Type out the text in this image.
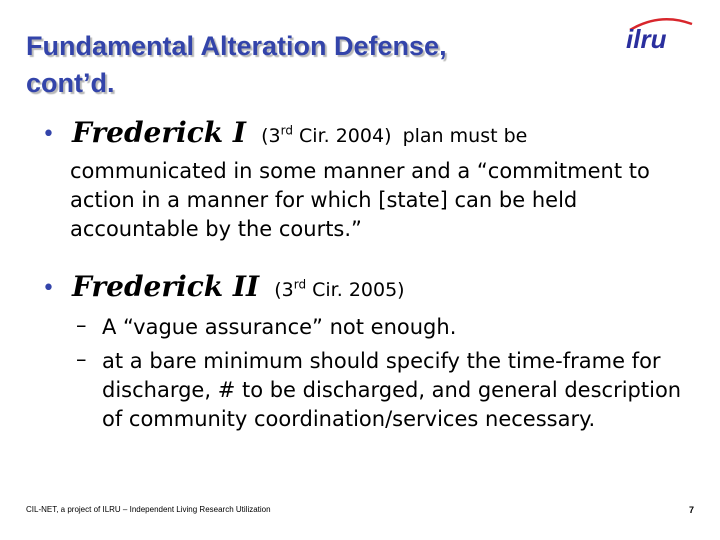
Fundamental Alteration Defense,
cont’d.
ilru
• Frederick I (3rd Cir. 2004) plan must be
communicated in some manner and a “commitment to
action in a manner for which [state] can be held
accountable by the courts.”
• Frederick II (3rd Cir. 2005)
– A “vague assurance” not enough.
– at a bare minimum should specify the time-frame for
discharge, # to be discharged, and general description
of community coordination/services necessary.
CIL-NET, a project of ILRU – Independent Living Research Utilization	7
